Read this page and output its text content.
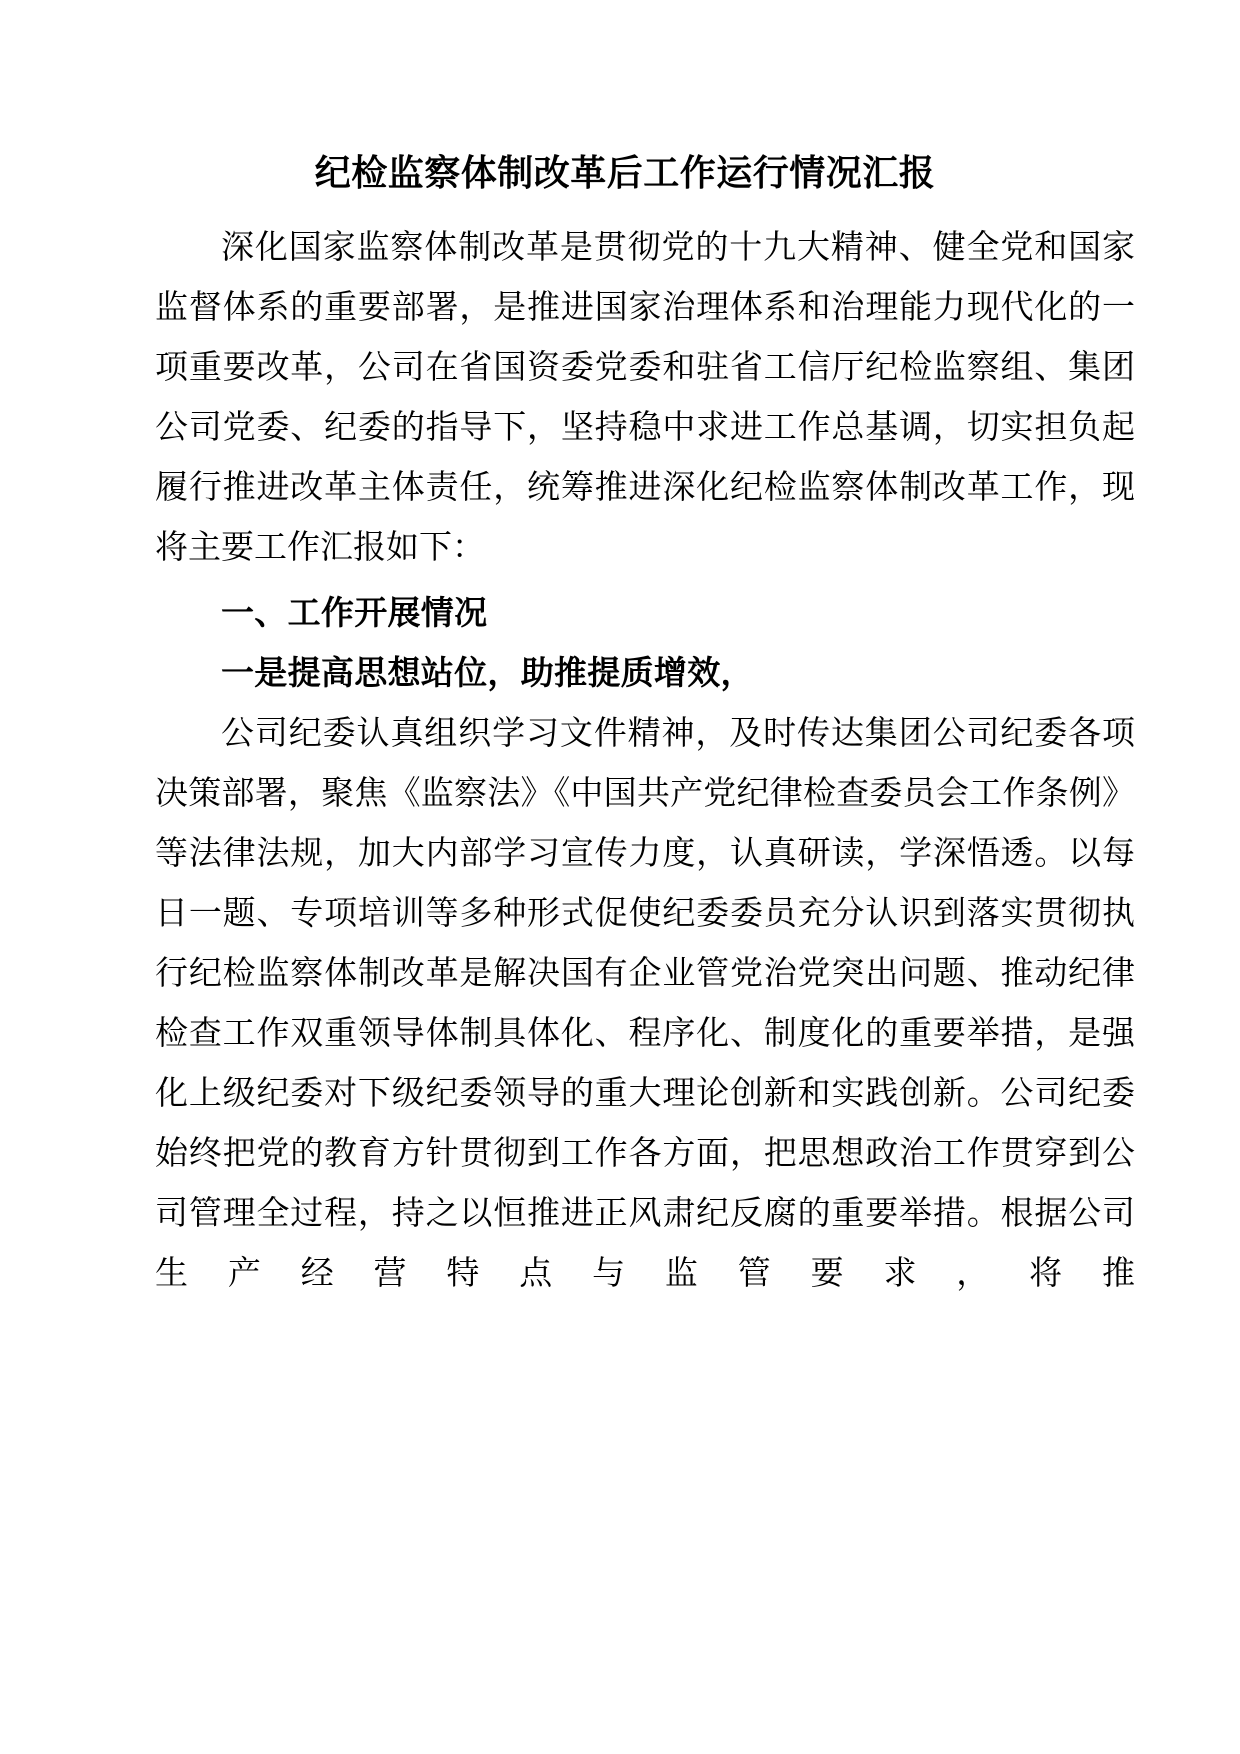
纪检监察体制改革后工作运行情况汇报

深化国家监察体制改革是贯彻党的十九大精神、健全党和国家监督体系的重要部署，是推进国家治理体系和治理能力现代化的一项重要改革，公司在省国资委党委和驻省工信厅纪检监察组、集团公司党委、纪委的指导下，坚持稳中求进工作总基调，切实担负起履行推进改革主体责任，统筹推进深化纪检监察体制改革工作，现将主要工作汇报如下：

一、工作开展情况

一是提高思想站位，助推提质增效，

公司纪委认真组织学习文件精神，及时传达集团公司纪委各项决策部署，聚焦《监察法》《中国共产党纪律检查委员会工作条例》等法律法规，加大内部学习宣传力度，认真研读，学深悟透。以每日一题、专项培训等多种形式促使纪委委员充分认识到落实贯彻执行纪检监察体制改革是解决国有企业管党治党突出问题、推动纪律检查工作双重领导体制具体化、程序化、制度化的重要举措，是强化上级纪委对下级纪委领导的重大理论创新和实践创新。公司纪委始终把党的教育方针贯彻到工作各方面，把思想政治工作贯穿到公司管理全过程，持之以恒推进正风肃纪反腐的重要举措。根据公司生产经营特点与监管要求，将推
